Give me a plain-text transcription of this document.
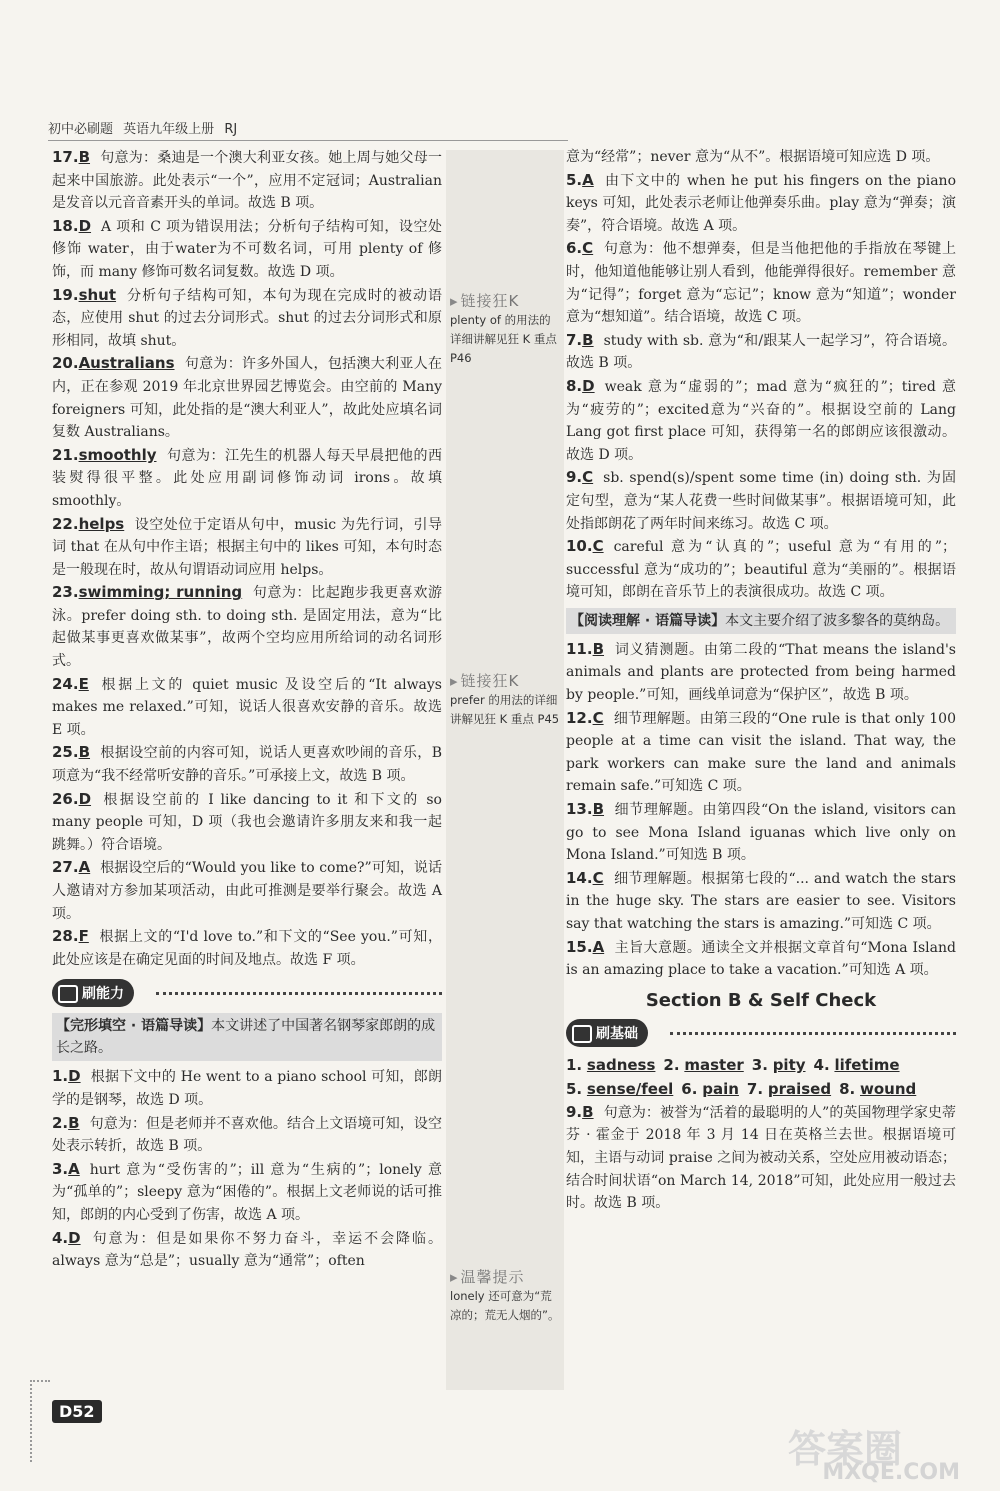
初中必刷题 英语九年级上册 RJ
17.B 句意为：桑迪是一个澳大利亚女孩。她上周与她父母一起来中国旅游。此处表示“一个”，应用不定冠词；Australian 是发音以元音音素开头的单词。故选 B 项。
18.D A 项和 C 项为错误用法；分析句子结构可知，设空处修饰 water，由于water为不可数名词，可用 plenty of 修饰，而 many 修饰可数名词复数。故选 D 项。
19.shut 分析句子结构可知，本句为现在完成时的被动语态，应使用 shut 的过去分词形式。shut 的过去分词形式和原形相同，故填 shut。
20.Australians 句意为：许多外国人，包括澳大利亚人在内，正在参观 2019 年北京世界园艺博览会。由空前的 Many foreigners 可知，此处指的是“澳大利亚人”，故此处应填名词复数 Australians。
21.smoothly 句意为：江先生的机器人每天早晨把他的西装熨得很平整。此处应用副词修饰动词 irons。故填 smoothly。
22.helps 设空处位于定语从句中，music 为先行词，引导词 that 在从句中作主语；根据主句中的 likes 可知，本句时态是一般现在时，故从句谓语动词应用 helps。
23.swimming; running 句意为：比起跑步我更喜欢游泳。prefer doing sth. to doing sth. 是固定用法，意为“比起做某事更喜欢做某事”，故两个空均应用所给词的动名词形式。
24.E 根据上文的 quiet music 及设空后的“It always makes me relaxed.”可知，说话人很喜欢安静的音乐。故选 E 项。
25.B 根据设空前的内容可知，说话人更喜欢吵闹的音乐，B 项意为“我不经常听安静的音乐。”可承接上文，故选 B 项。
26.D 根据设空前的 I like dancing to it 和下文的 so many people 可知，D 项（我也会邀请许多朋友来和我一起跳舞。）符合语境。
27.A 根据设空后的“Would you like to come?”可知，说话人邀请对方参加某项活动，由此可推测是要举行聚会。故选 A 项。
28.F 根据上文的“I'd love to.”和下文的“See you.”可知，此处应该是在确定见面的时间及地点。故选 F 项。
刷能力
【完形填空 · 语篇导读】本文讲述了中国著名钢琴家郎朗的成长之路。
1.D 根据下文中的 He went to a piano school 可知，郎朗学的是钢琴，故选 D 项。
2.B 句意为：但是老师并不喜欢他。结合上文语境可知，设空处表示转折，故选 B 项。
3.A hurt 意为“受伤害的”；ill 意为“生病的”；lonely 意为“孤单的”；sleepy 意为“困倦的”。根据上文老师说的话可推知，郎朗的内心受到了伤害，故选 A 项。
4.D 句意为：但是如果你不努力奋斗，幸运不会降临。always 意为“总是”；usually 意为“通常”；often
▸ 链接狂K
plenty of 的用法的详细讲解见狂 K 重点 P46
▸ 链接狂K
prefer 的用法的详细讲解见狂 K 重点 P45
▸ 温馨提示
lonely 还可意为“荒凉的；荒无人烟的”。
意为“经常”；never 意为“从不”。根据语境可知应选 D 项。
5.A 由下文中的 when he put his fingers on the piano keys 可知，此处表示老师让他弹奏乐曲。play 意为“弹奏；演奏”，符合语境。故选 A 项。
6.C 句意为：他不想弹奏，但是当他把他的手指放在琴键上时，他知道他能够让别人看到，他能弹得很好。remember 意为“记得”；forget 意为“忘记”；know 意为“知道”；wonder 意为“想知道”。结合语境，故选 C 项。
7.B study with sb. 意为“和/跟某人一起学习”，符合语境。故选 B 项。
8.D weak 意为“虚弱的”；mad 意为“疯狂的”；tired 意为“疲劳的”；excited意为“兴奋的”。根据设空前的 Lang Lang got first place 可知，获得第一名的郎朗应该很激动。故选 D 项。
9.C sb. spend(s)/spent some time (in) doing sth. 为固定句型，意为“某人花费一些时间做某事”。根据语境可知，此处指郎朗花了两年时间来练习。故选 C 项。
10.C careful 意为“认真的”；useful 意为“有用的”；successful 意为“成功的”；beautiful 意为“美丽的”。根据语境可知，郎朗在音乐节上的表演很成功。故选 C 项。
【阅读理解 · 语篇导读】本文主要介绍了波多黎各的莫纳岛。
11.B 词义猜测题。由第二段的“That means the island's animals and plants are protected from being harmed by people.”可知，画线单词意为“保护区”，故选 B 项。
12.C 细节理解题。由第三段的“One rule is that only 100 people at a time can visit the island. That way, the park workers can make sure the land and animals remain safe.”可知选 C 项。
13.B 细节理解题。由第四段“On the island, visitors can go to see Mona Island iguanas which live only on Mona Island.”可知选 B 项。
14.C 细节理解题。根据第七段的“... and watch the stars in the huge sky. The stars are easier to see. Visitors say that watching the stars is amazing.”可知选 C 项。
15.A 主旨大意题。通读全文并根据文章首句“Mona Island is an amazing place to take a vacation.”可知选 A 项。
Section B & Self Check
刷基础
1. sadness 2. master 3. pity 4. lifetime
5. sense/feel 6. pain 7. praised 8. wound
9.B 句意为：被誉为“活着的最聪明的人”的英国物理学家史蒂芬 · 霍金于 2018 年 3 月 14 日在英格兰去世。根据语境可知，主语与动词 praise 之间为被动关系，空处应用被动语态；结合时间状语“on March 14, 2018”可知，此处应用一般过去时。故选 B 项。
D52
答案圈
MXQE.COM
